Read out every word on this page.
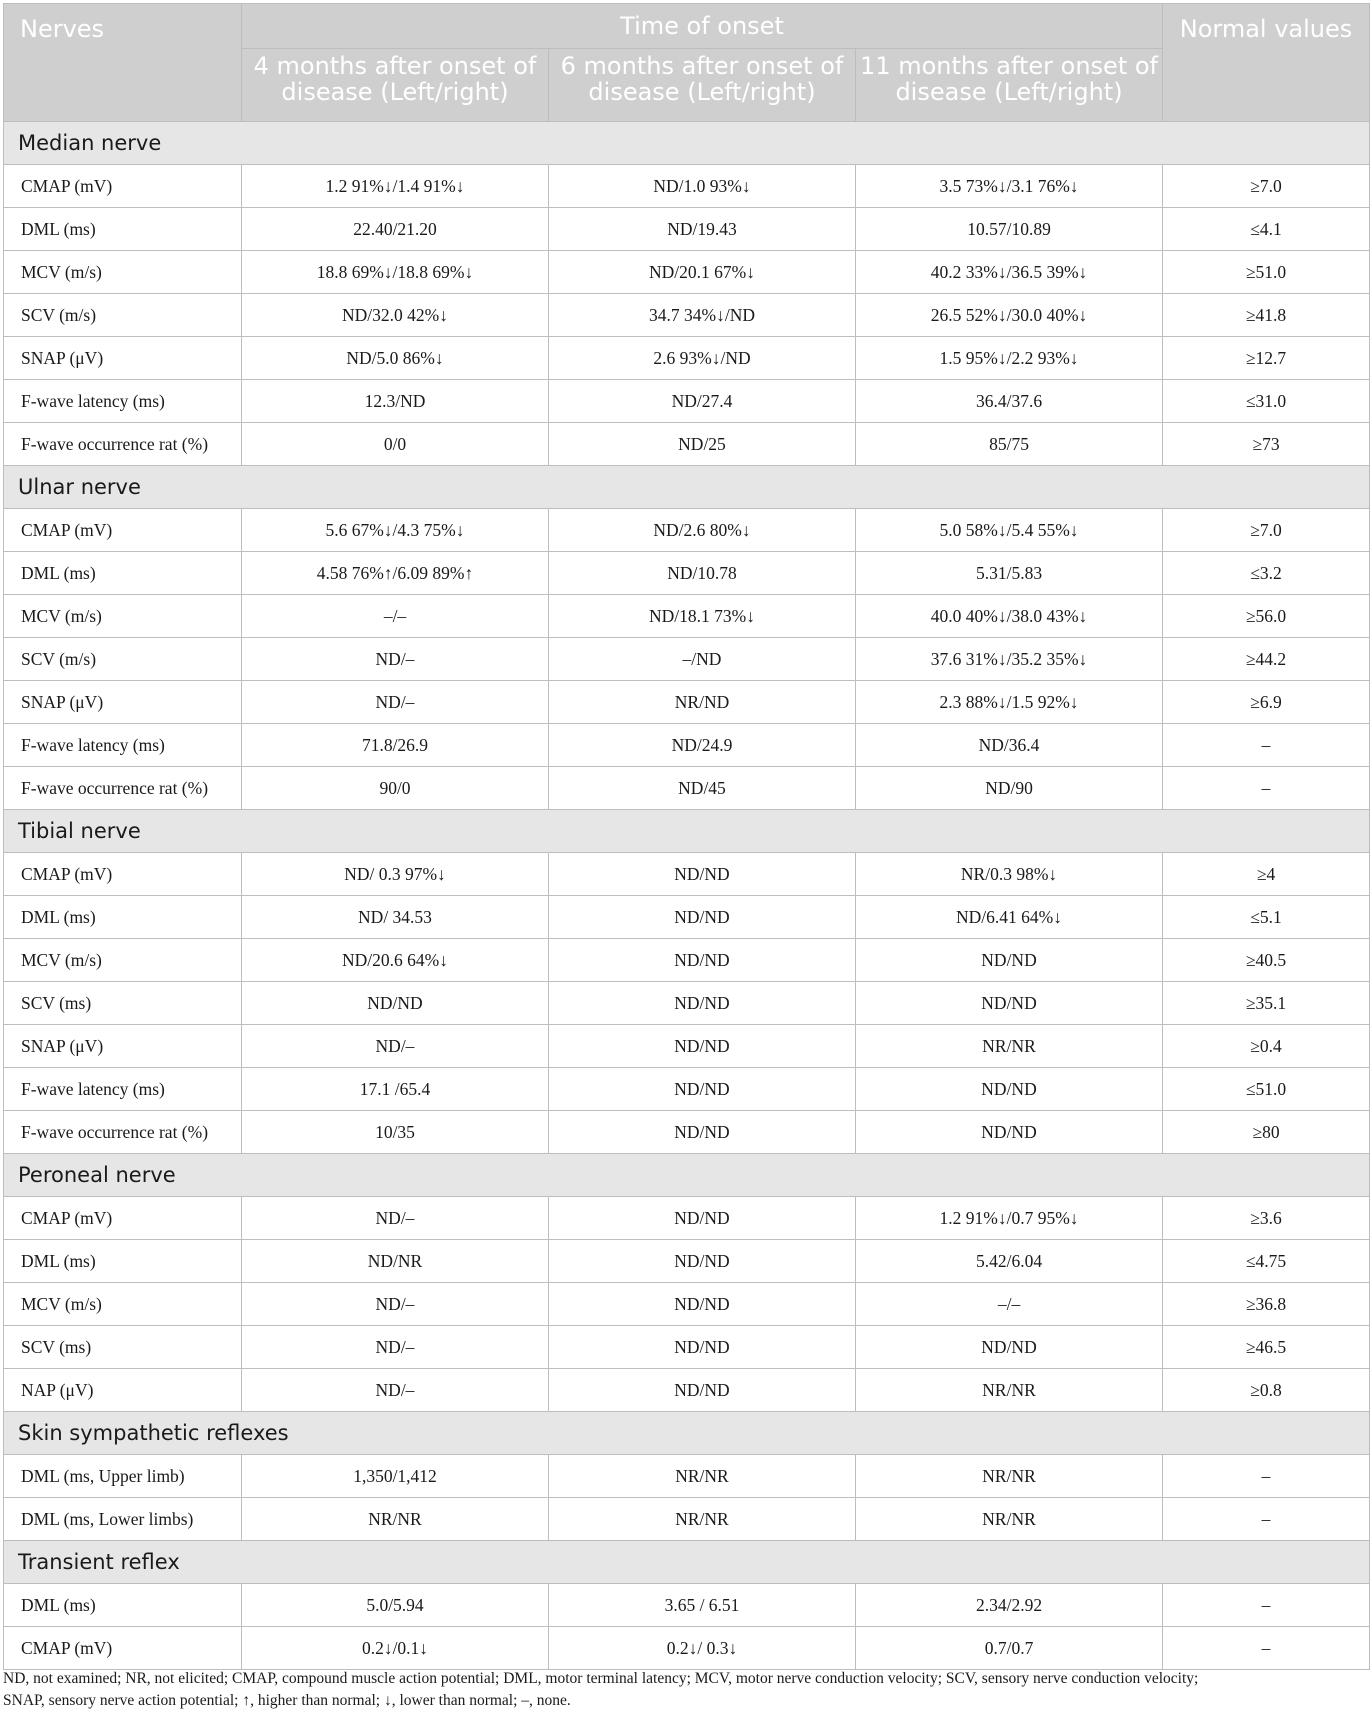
Nerves	Time of onset			Normal values
	4 months after onset of disease (Left/right)	6 months after onset of disease (Left/right)	11 months after onset of disease (Left/right)	
Median nerve				
CMAP (mV)	1.2 91%↓/1.4 91%↓	ND/1.0 93%↓	3.5 73%↓/3.1 76%↓	≥7.0
DML (ms)	22.40/21.20	ND/19.43	10.57/10.89	≤4.1
MCV (m/s)	18.8 69%↓/18.8 69%↓	ND/20.1 67%↓	40.2 33%↓/36.5 39%↓	≥51.0
SCV (m/s)	ND/32.0 42%↓	34.7 34%↓/ND	26.5 52%↓/30.0 40%↓	≥41.8
SNAP (μV)	ND/5.0 86%↓	2.6 93%↓/ND	1.5 95%↓/2.2 93%↓	≥12.7
F-wave latency (ms)	12.3/ND	ND/27.4	36.4/37.6	≤31.0
F-wave occurrence rat (%)	0/0	ND/25	85/75	≥73
Ulnar nerve				
CMAP (mV)	5.6 67%↓/4.3 75%↓	ND/2.6 80%↓	5.0 58%↓/5.4 55%↓	≥7.0
DML (ms)	4.58 76%↑/6.09 89%↑	ND/10.78	5.31/5.83	≤3.2
MCV (m/s)	–/–	ND/18.1 73%↓	40.0 40%↓/38.0 43%↓	≥56.0
SCV (m/s)	ND/–	–/ND	37.6 31%↓/35.2 35%↓	≥44.2
SNAP (μV)	ND/–	NR/ND	2.3 88%↓/1.5 92%↓	≥6.9
F-wave latency (ms)	71.8/26.9	ND/24.9	ND/36.4	–
F-wave occurrence rat (%)	90/0	ND/45	ND/90	–
Tibial nerve				
CMAP (mV)	ND/ 0.3 97%↓	ND/ND	NR/0.3 98%↓	≥4
DML (ms)	ND/ 34.53	ND/ND	ND/6.41 64%↓	≤5.1
MCV (m/s)	ND/20.6 64%↓	ND/ND	ND/ND	≥40.5
SCV (ms)	ND/ND	ND/ND	ND/ND	≥35.1
SNAP (μV)	ND/–	ND/ND	NR/NR	≥0.4
F-wave latency (ms)	17.1 /65.4	ND/ND	ND/ND	≤51.0
F-wave occurrence rat (%)	10/35	ND/ND	ND/ND	≥80
Peroneal nerve				
CMAP (mV)	ND/–	ND/ND	1.2 91%↓/0.7 95%↓	≥3.6
DML (ms)	ND/NR	ND/ND	5.42/6.04	≤4.75
MCV (m/s)	ND/–	ND/ND	–/–	≥36.8
SCV (ms)	ND/–	ND/ND	ND/ND	≥46.5
NAP (μV)	ND/–	ND/ND	NR/NR	≥0.8
Skin sympathetic reflexes				
DML (ms, Upper limb)	1,350/1,412	NR/NR	NR/NR	–
DML (ms, Lower limbs)	NR/NR	NR/NR	NR/NR	–
Transient reflex				
DML (ms)	5.0/5.94	3.65 / 6.51	2.34/2.92	–
CMAP (mV)	0.2↓/0.1↓	0.2↓/ 0.3↓	0.7/0.7	–
ND, not examined; NR, not elicited; CMAP, compound muscle action potential; DML, motor terminal latency; MCV, motor nerve conduction velocity; SCV, sensory nerve conduction velocity;
SNAP, sensory nerve action potential; ↑, higher than normal; ↓, lower than normal; –, none.
